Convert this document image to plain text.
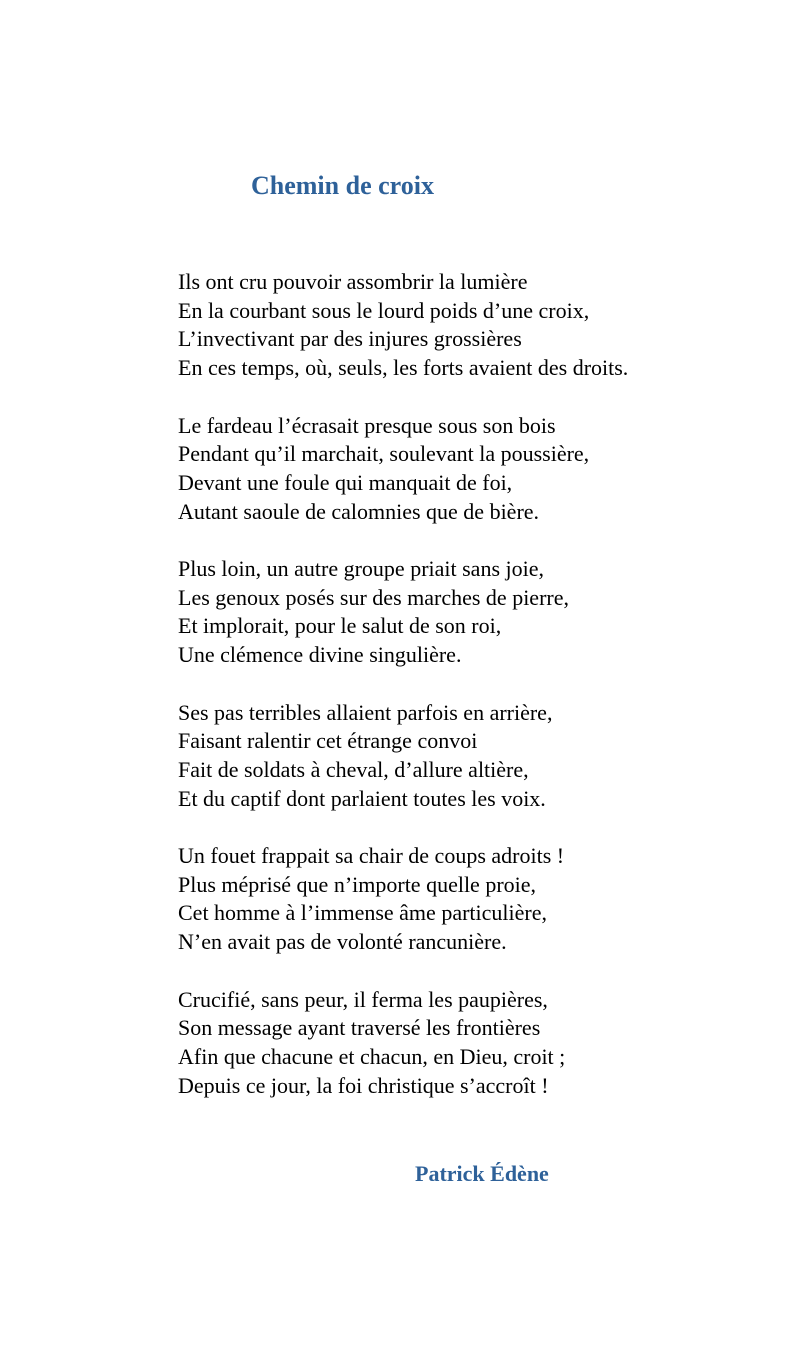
Chemin de croix

Ils ont cru pouvoir assombrir la lumière
En la courbant sous le lourd poids d’une croix,
L’invectivant par des injures grossières
En ces temps, où, seuls, les forts avaient des droits.

Le fardeau l’écrasait presque sous son bois
Pendant qu’il marchait, soulevant la poussière,
Devant une foule qui manquait de foi,
Autant saoule de calomnies que de bière.

Plus loin, un autre groupe priait sans joie,
Les genoux posés sur des marches de pierre,
Et implorait, pour le salut de son roi,
Une clémence divine singulière.

Ses pas terribles allaient parfois en arrière,
Faisant ralentir cet étrange convoi
Fait de soldats à cheval, d’allure altière,
Et du captif dont parlaient toutes les voix.

Un fouet frappait sa chair de coups adroits !
Plus méprisé que n’importe quelle proie,
Cet homme à l’immense âme particulière,
N’en avait pas de volonté rancunière.

Crucifié, sans peur, il ferma les paupières,
Son message ayant traversé les frontières
Afin que chacune et chacun, en Dieu, croit ;
Depuis ce jour, la foi christique s’accroît !

Patrick Édène
